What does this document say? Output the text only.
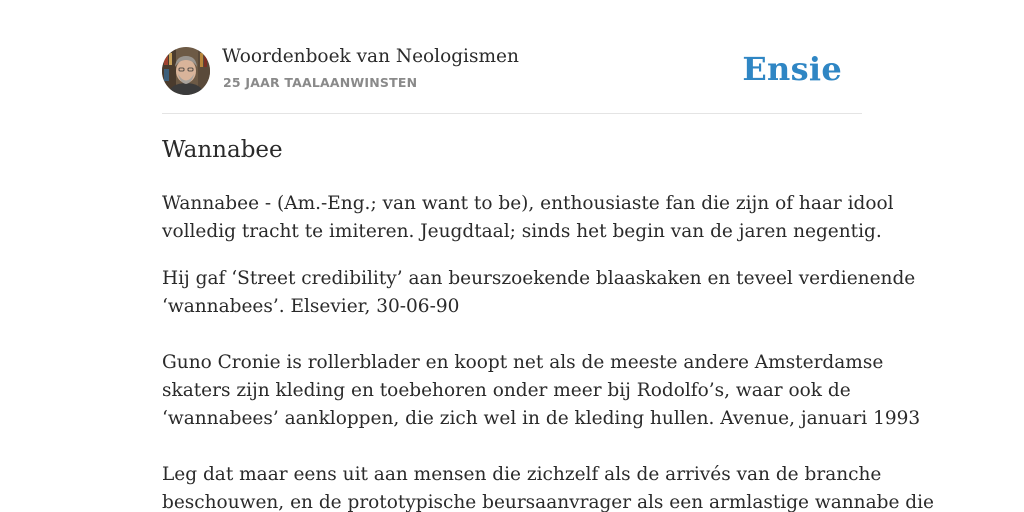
Woordenboek van Neologismen
25 JAAR TAALAANWINSTEN	Ensie
Wannabee

Wannabee - (Am.-Eng.; van want to be), enthousiaste fan die zijn of haar idool
volledig tracht te imiteren. Jeugdtaal; sinds het begin van de jaren negentig.

Hij gaf ‘Street credibility’ aan beurszoekende blaaskaken en teveel verdienende
‘wannabees’. Elsevier, 30-06-90

Guno Cronie is rollerblader en koopt net als de meeste andere Amsterdamse
skaters zijn kleding en toebehoren onder meer bij Rodolfo’s, waar ook de
‘wannabees’ aankloppen, die zich wel in de kleding hullen. Avenue, januari 1993

Leg dat maar eens uit aan mensen die zichzelf als de arrivés van de branche
beschouwen, en de prototypische beursaanvrager als een armlastige wannabe die
